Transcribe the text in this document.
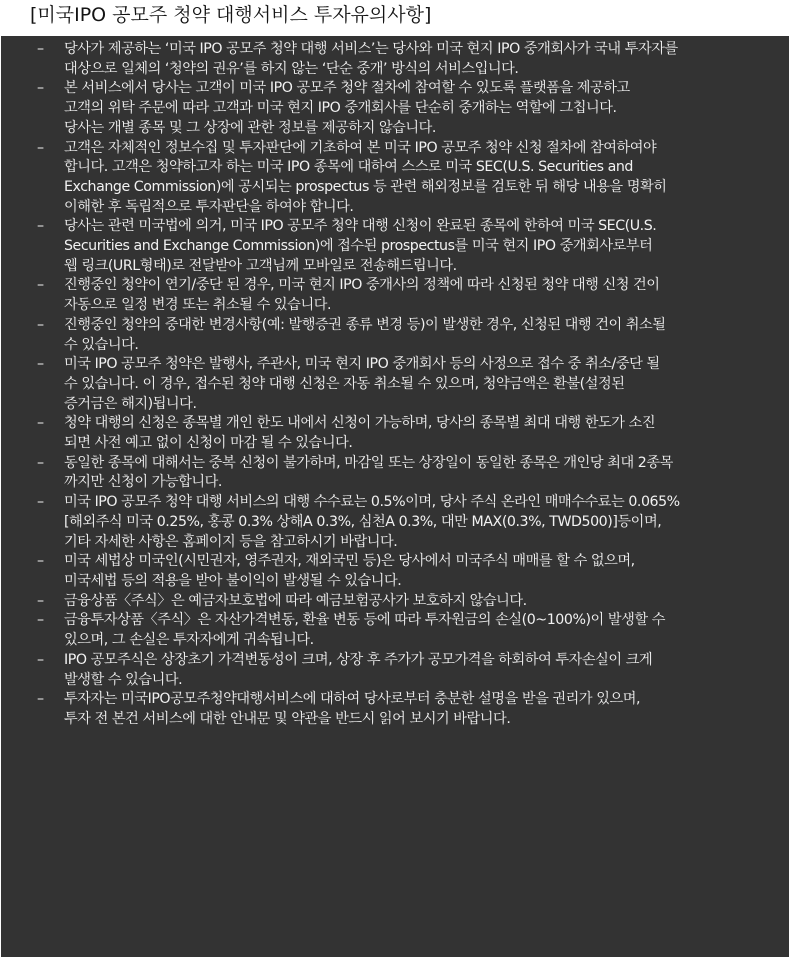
[미국IPO 공모주 청약 대행서비스 투자유의사항]
– 당사가 제공하는 ‘미국 IPO 공모주 청약 대행 서비스’는 당사와 미국 현지 IPO 중개회사가 국내 투자자를
대상으로 일체의 ‘청약의 권유’를 하지 않는 ‘단순 중개’ 방식의 서비스입니다.
– 본 서비스에서 당사는 고객이 미국 IPO 공모주 청약 절차에 참여할 수 있도록 플랫폼을 제공하고
고객의 위탁 주문에 따라 고객과 미국 현지 IPO 중개회사를 단순히 중개하는 역할에 그칩니다.
당사는 개별 종목 및 그 상장에 관한 정보를 제공하지 않습니다.
– 고객은 자체적인 정보수집 및 투자판단에 기초하여 본 미국 IPO 공모주 청약 신청 절차에 참여하여야
합니다. 고객은 청약하고자 하는 미국 IPO 종목에 대하여 스스로 미국 SEC(U.S. Securities and
Exchange Commission)에 공시되는 prospectus 등 관련 해외정보를 검토한 뒤 해당 내용을 명확히
이해한 후 독립적으로 투자판단을 하여야 합니다.
– 당사는 관련 미국법에 의거, 미국 IPO 공모주 청약 대행 신청이 완료된 종목에 한하여 미국 SEC(U.S.
Securities and Exchange Commission)에 접수된 prospectus를 미국 현지 IPO 중개회사로부터
웹 링크(URL형태)로 전달받아 고객님께 모바일로 전송해드립니다.
– 진행중인 청약이 연기/중단 된 경우, 미국 현지 IPO 중개사의 정책에 따라 신청된 청약 대행 신청 건이
자동으로 일정 변경 또는 취소될 수 있습니다.
– 진행중인 청약의 중대한 변경사항(예: 발행증권 종류 변경 등)이 발생한 경우, 신청된 대행 건이 취소될
수 있습니다.
– 미국 IPO 공모주 청약은 발행사, 주관사, 미국 현지 IPO 중개회사 등의 사정으로 접수 중 취소/중단 될
수 있습니다. 이 경우, 접수된 청약 대행 신청은 자동 취소될 수 있으며, 청약금액은 환불(설정된
증거금은 해지)됩니다.
– 청약 대행의 신청은 종목별 개인 한도 내에서 신청이 가능하며, 당사의 종목별 최대 대행 한도가 소진
되면 사전 예고 없이 신청이 마감 될 수 있습니다.
– 동일한 종목에 대해서는 중복 신청이 불가하며, 마감일 또는 상장일이 동일한 종목은 개인당 최대 2종목
까지만 신청이 가능합니다.
– 미국 IPO 공모주 청약 대행 서비스의 대행 수수료는 0.5%이며, 당사 주식 온라인 매매수수료는 0.065%
[해외주식 미국 0.25%, 홍콩 0.3% 상해A 0.3%, 심천A 0.3%, 대만 MAX(0.3%, TWD500)]등이며,
기타 자세한 사항은 홈페이지 등을 참고하시기 바랍니다.
– 미국 세법상 미국인(시민권자, 영주권자, 재외국민 등)은 당사에서 미국주식 매매를 할 수 없으며,
미국세법 등의 적용을 받아 불이익이 발생될 수 있습니다.
– 금융상품〈주식〉은 예금자보호법에 따라 예금보험공사가 보호하지 않습니다.
– 금융투자상품〈주식〉은 자산가격변동, 환율 변동 등에 따라 투자원금의 손실(0~100%)이 발생할 수
있으며, 그 손실은 투자자에게 귀속됩니다.
– IPO 공모주식은 상장초기 가격변동성이 크며, 상장 후 주가가 공모가격을 하회하여 투자손실이 크게
발생할 수 있습니다.
– 투자자는 미국IPO공모주청약대행서비스에 대하여 당사로부터 충분한 설명을 받을 권리가 있으며,
투자 전 본건 서비스에 대한 안내문 및 약관을 반드시 읽어 보시기 바랍니다.
